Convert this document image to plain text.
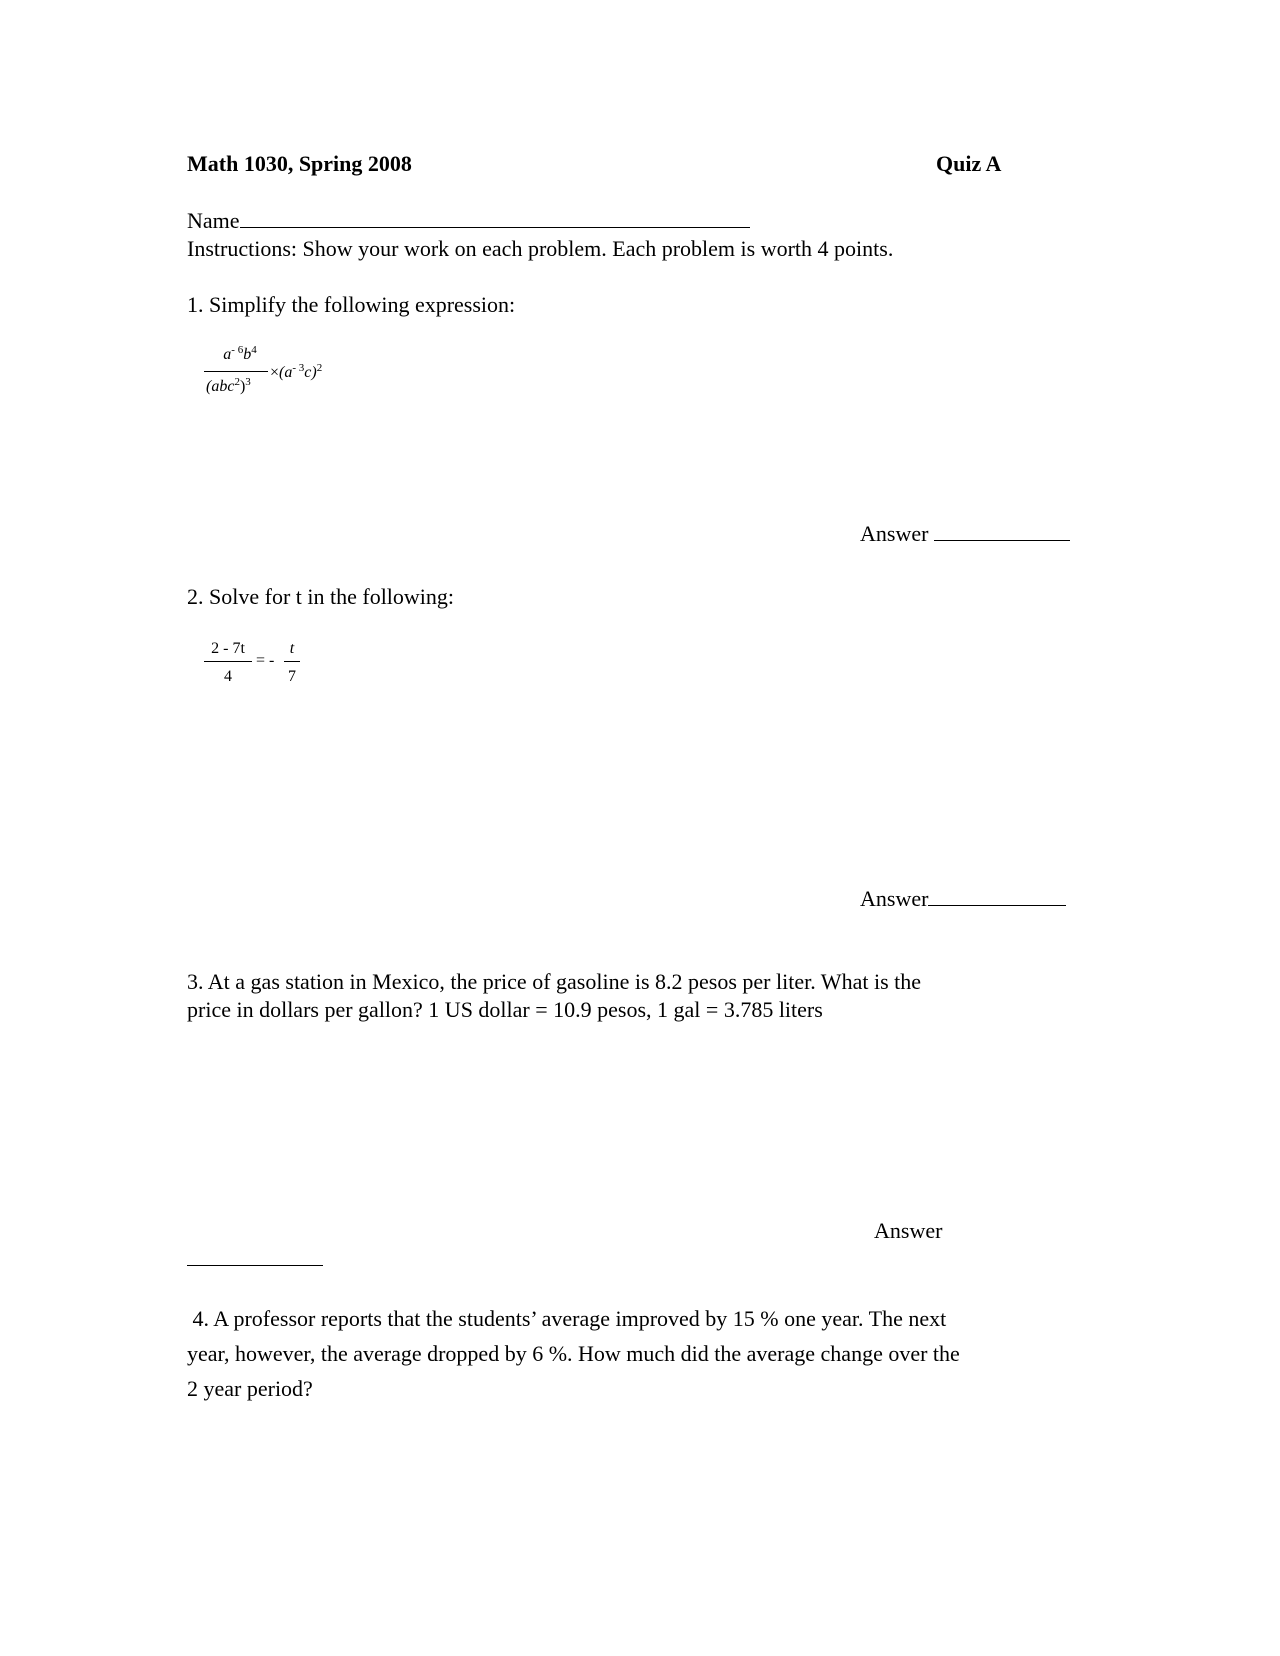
Math 1030, Spring 2008	Quiz A
Name
Instructions: Show your work on each problem. Each problem is worth 4 points.
1. Simplify the following expression:
$a^{- 6}b^4$
$(abc^2)^3$
$\times(a^{- 3}c)^2$
Answer
2. Solve for t in the following:
2 - 7t
4
= -
t
7
Answer
3. At a gas station in Mexico, the price of gasoline is 8.2 pesos per liter. What is the
price in dollars per gallon? 1 US dollar = 10.9 pesos, 1 gal = 3.785 liters
Answer
4. A professor reports that the students’ average improved by 15 % one year. The next
year, however, the average dropped by 6 %. How much did the average change over the
2 year period?
